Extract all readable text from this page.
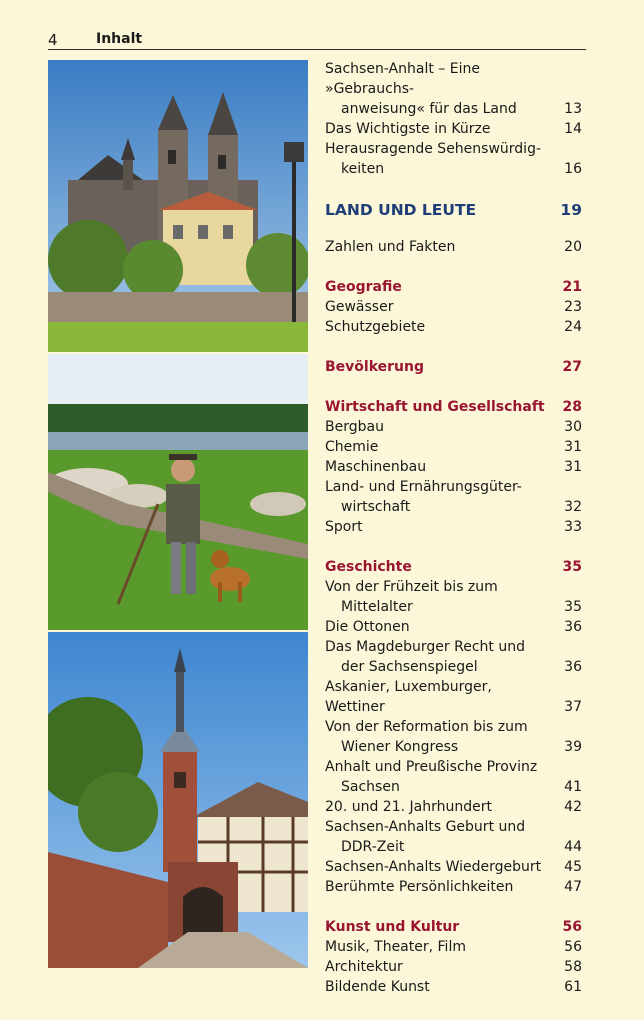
4	Inhalt
Sachsen-Anhalt – Eine »Gebrauchs-
anweisung« für das Land	13
Das Wichtigste in Kürze	14
Herausragende Sehenswürdig-
keiten	16
LAND UND LEUTE	19
Zahlen und Fakten	20
Geografie	21
Gewässer	23
Schutzgebiete	24
Bevölkerung	27
Wirtschaft und Gesellschaft	28
Bergbau	30
Chemie	31
Maschinenbau	31
Land- und Ernährungsgüter-
wirtschaft	32
Sport	33
Geschichte	35
Von der Frühzeit bis zum
Mittelalter	35
Die Ottonen	36
Das Magdeburger Recht und
der Sachsenspiegel	36
Askanier, Luxemburger, Wettiner	37
Von der Reformation bis zum
Wiener Kongress	39
Anhalt und Preußische Provinz
Sachsen	41
20. und 21. Jahrhundert	42
Sachsen-Anhalts Geburt und
DDR-Zeit	44
Sachsen-Anhalts Wiedergeburt	45
Berühmte Persönlichkeiten	47
Kunst und Kultur	56
Musik, Theater, Film	56
Architektur	58
Bildende Kunst	61
